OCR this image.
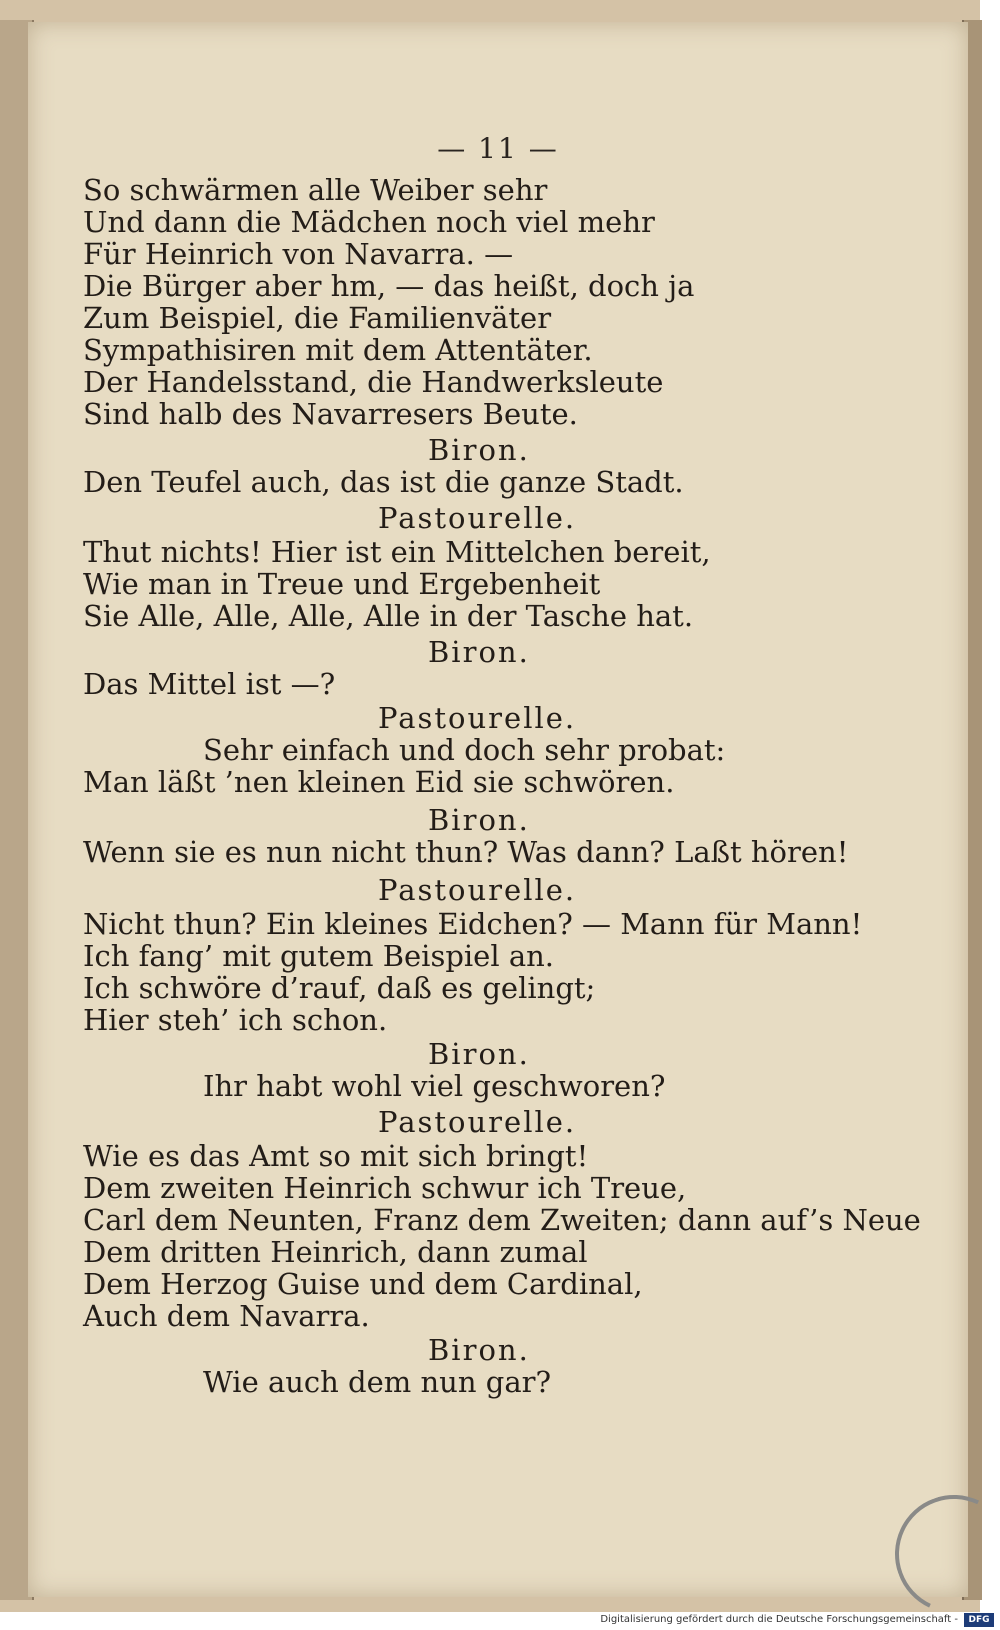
— 11 —
So schwärmen alle Weiber sehr
Und dann die Mädchen noch viel mehr
Für Heinrich von Navarra. —
Die Bürger aber hm, — das heißt, doch ja
Zum Beispiel, die Familienväter
Sympathisiren mit dem Attentäter.
Der Handelsstand, die Handwerksleute
Sind halb des Navarresers Beute.
Biron.
Den Teufel auch, das ist die ganze Stadt.
Pastourelle.
Thut nichts! Hier ist ein Mittelchen bereit,
Wie man in Treue und Ergebenheit
Sie Alle, Alle, Alle, Alle in der Tasche hat.
Biron.
Das Mittel ist —?
Pastourelle.
Sehr einfach und doch sehr probat:
Man läßt ’nen kleinen Eid sie schwören.
Biron.
Wenn sie es nun nicht thun? Was dann? Laßt hören!
Pastourelle.
Nicht thun? Ein kleines Eidchen? — Mann für Mann!
Ich fang’ mit gutem Beispiel an.
Ich schwöre d’rauf, daß es gelingt;
Hier steh’ ich schon.
Biron.
Ihr habt wohl viel geschworen?
Pastourelle.
Wie es das Amt so mit sich bringt!
Dem zweiten Heinrich schwur ich Treue,
Carl dem Neunten, Franz dem Zweiten; dann auf’s Neue
Dem dritten Heinrich, dann zumal
Dem Herzog Guise und dem Cardinal,
Auch dem Navarra.
Biron.
Wie auch dem nun gar?
Digitalisierung gefördert durch die Deutsche Forschungsgemeinschaft -	DFG
